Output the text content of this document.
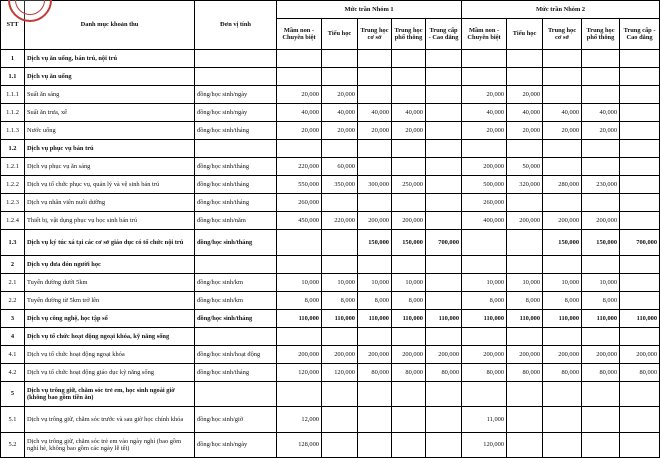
STT	Danh mục khoản thu	Đơn vị tính	Mức trần Nhóm 1					Mức trần Nhóm 2				
			Mầm non - Chuyên biệt	Tiểu học	Trung học cơ sở	Trung học phổ thông	Trung cấp - Cao đẳng	Mầm non - Chuyên biệt	Tiểu học	Trung học cơ sở	Trung học phổ thông	Trung cấp - Cao đẳng
1	Dịch vụ ăn uống, bán trú, nội trú											
1.1	Dịch vụ ăn uống											
1.1.1	Suất ăn sáng	đồng/học sinh/ngày	20,000	20,000				20,000	20,000			
1.1.2	Suất ăn trưa, xế	đồng/học sinh/ngày	40,000	40,000	40,000	40,000		40,000	40,000	40,000	40,000	
1.1.3	Nước uống	đồng/học sinh/tháng	20,000	20,000	20,000	20,000		20,000	20,000	20,000	20,000	
1.2	Dịch vụ phục vụ bán trú											
1.2.1	Dịch vụ phục vụ ăn sáng	đồng/học sinh/tháng	220,000	60,000				200,000	50,000			
1.2.2	Dịch vụ tổ chức phục vụ, quản lý và vệ sinh bán trú	đồng/học sinh/tháng	550,000	350,000	300,000	250,000		500,000	320,000	280,000	230,000	
1.2.3	Dịch vụ nhân viên nuôi dưỡng	đồng/học sinh/tháng	260,000					260,000				
1.2.4	Thiết bị, vật dụng phục vụ học sinh bán trú	đồng/học sinh/năm	450,000	220,000	200,000	200,000		400,000	200,000	200,000	200,000	
1.3	Dịch vụ ký túc xá tại các cơ sở giáo dục có tổ chức nội trú	đồng/học sinh/tháng			150,000	150,000	700,000			150,000	150,000	700,000
2	Dịch vụ đưa đón người học											
2.1	Tuyến đường dưới 5km	đồng/học sinh/km	10,000	10,000	10,000	10,000		10,000	10,000	10,000	10,000	
2.2	Tuyến đường từ 5km trở lên	đồng/học sinh/km	8,000	8,000	8,000	8,000		8,000	8,000	8,000	8,000	
3	Dịch vụ công nghệ, học tập số	đồng/học sinh/tháng	110,000	110,000	110,000	110,000	110,000	110,000	110,000	110,000	110,000	110,000
4	Dịch vụ tổ chức hoạt động ngoại khóa, kỹ năng sống											
4.1	Dịch vụ tổ chức hoạt động ngoại khóa	đồng/học sinh/hoạt động	200,000	200,000	200,000	200,000	200,000	200,000	200,000	200,000	200,000	200,000
4.2	Dịch vụ tổ chức hoạt động giáo dục kỹ năng sống	đồng/học sinh/tháng	120,000	120,000	80,000	80,000	80,000	80,000	80,000	80,000	80,000	80,000
5	Dịch vụ trông giữ, chăm sóc trẻ em, học sinh ngoài giờ (không bao gồm tiền ăn)											
5.1	Dịch vụ trông giữ, chăm sóc trước và sau giờ học chính khóa	đồng/học sinh/giờ	12,000					11,000				
5.2	Dịch vụ trông giữ, chăm sóc trẻ em vào ngày nghỉ (bao gồm nghỉ hè, không bao gồm các ngày lễ tết)	đồng/học sinh/ngày	128,000					120,000				
